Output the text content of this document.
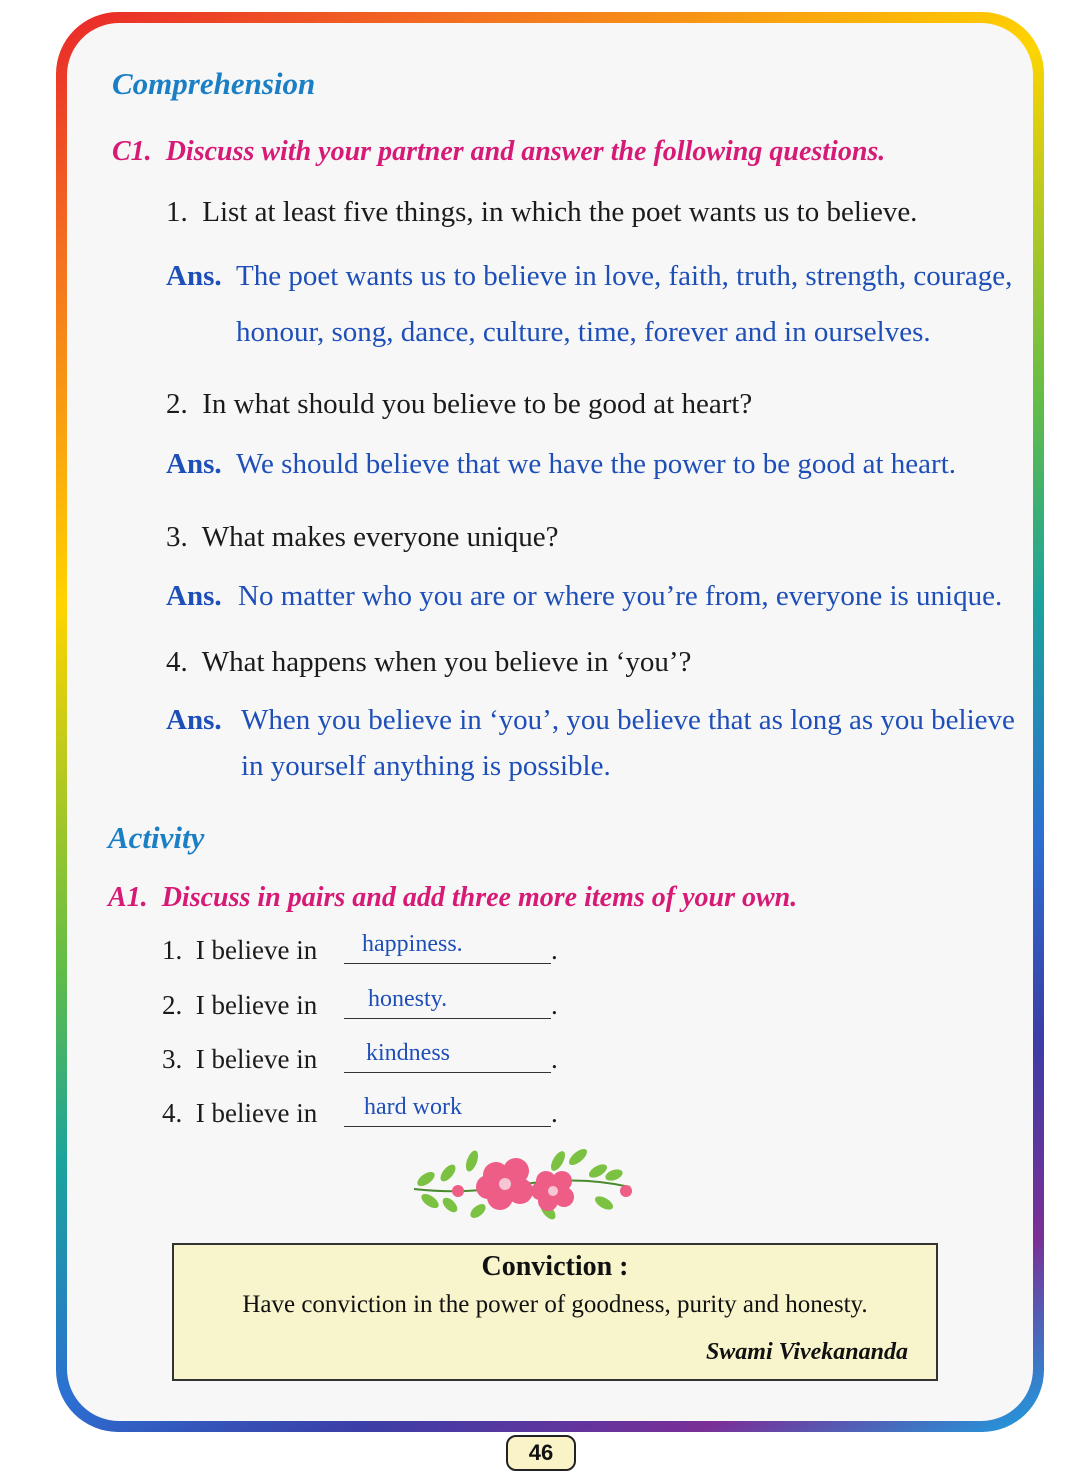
Comprehension
C1. Discuss with your partner and answer the following questions.
1. List at least five things, in which the poet wants us to believe.
Ans. The poet wants us to believe in love, faith, truth, strength, courage,
honour, song, dance, culture, time, forever and in ourselves.
2. In what should you believe to be good at heart?
Ans. We should believe that we have the power to be good at heart.
3. What makes everyone unique?
Ans. No matter who you are or where you’re from, everyone is unique.
4. What happens when you believe in ‘you’?
Ans. When you believe in ‘you’, you believe that as long as you believe
in yourself anything is possible.
Activity
A1. Discuss in pairs and add three more items of your own.
1. I believe in happiness.	.
2. I believe in honesty.	.
3. I believe in kindness	.
4. I believe in hard work	.
Conviction :
Have conviction in the power of goodness, purity and honesty.
Swami Vivekananda
46
